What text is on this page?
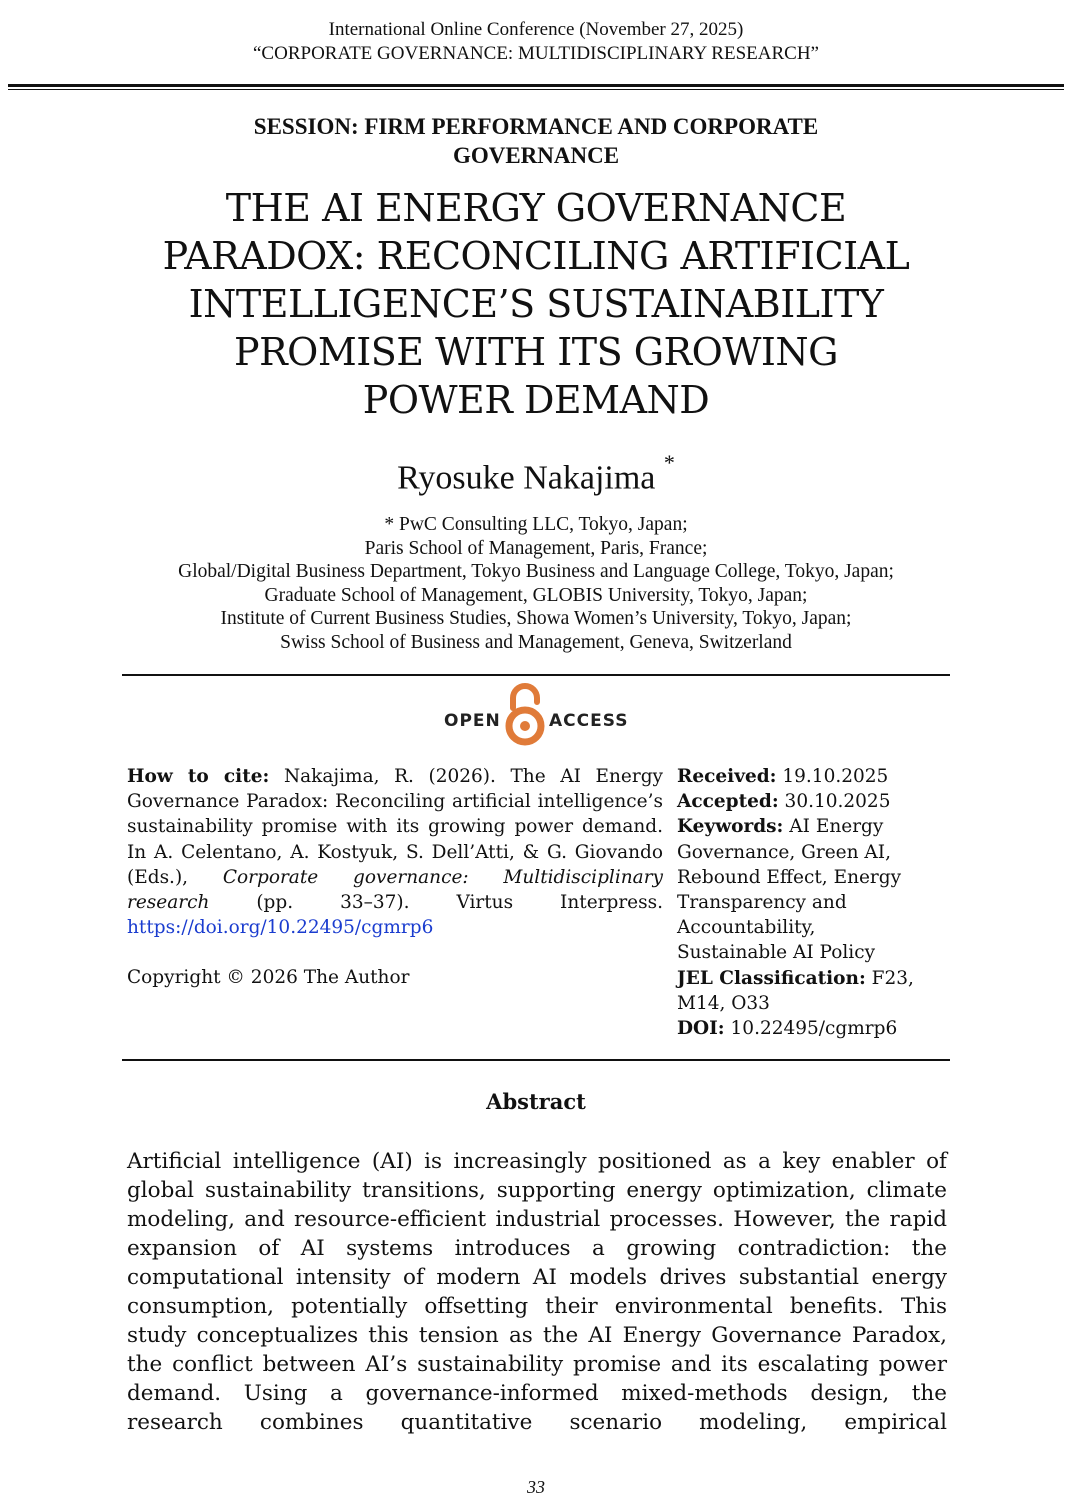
International Online Conference (November 27, 2025)
“CORPORATE GOVERNANCE: MULTIDISCIPLINARY RESEARCH”
SESSION: FIRM PERFORMANCE AND CORPORATE
GOVERNANCE
THE AI ENERGY GOVERNANCE
PARADOX: RECONCILING ARTIFICIAL
INTELLIGENCE’S SUSTAINABILITY
PROMISE WITH ITS GROWING
POWER DEMAND
Ryosuke Nakajima *
* PwC Consulting LLC, Tokyo, Japan;
Paris School of Management, Paris, France;
Global/Digital Business Department, Tokyo Business and Language College, Tokyo, Japan;
Graduate School of Management, GLOBIS University, Tokyo, Japan;
Institute of Current Business Studies, Showa Women’s University, Tokyo, Japan;
Swiss School of Business and Management, Geneva, Switzerland
OPEN	ACCESS
How to cite: Nakajima, R. (2026). The AI Energy Governance Paradox: Reconciling artificial intelligence’s sustainability promise with its growing power demand. In A. Celentano, A. Kostyuk, S. Dell’Atti, & G. Giovando (Eds.), Corporate governance: Multidisciplinary research (pp. 33–37). Virtus Interpress. https://doi.org/10.22495/cgmrp6
Copyright © 2026 The Author
Received: 19.10.2025
Accepted: 30.10.2025
Keywords: AI Energy
Governance, Green AI,
Rebound Effect, Energy
Transparency and
Accountability,
Sustainable AI Policy
JEL Classification: F23,
M14, O33
DOI: 10.22495/cgmrp6
Abstract
Artificial intelligence (AI) is increasingly positioned as a key enabler of global sustainability transitions, supporting energy optimization, climate modeling, and resource-efficient industrial processes. However, the rapid expansion of AI systems introduces a growing contradiction: the computational intensity of modern AI models drives substantial energy consumption, potentially offsetting their environmental benefits. This study conceptualizes this tension as the AI Energy Governance Paradox, the conflict between AI’s sustainability promise and its escalating power demand. Using a governance-informed mixed-methods design, the research combines quantitative scenario modeling, empirical
33
